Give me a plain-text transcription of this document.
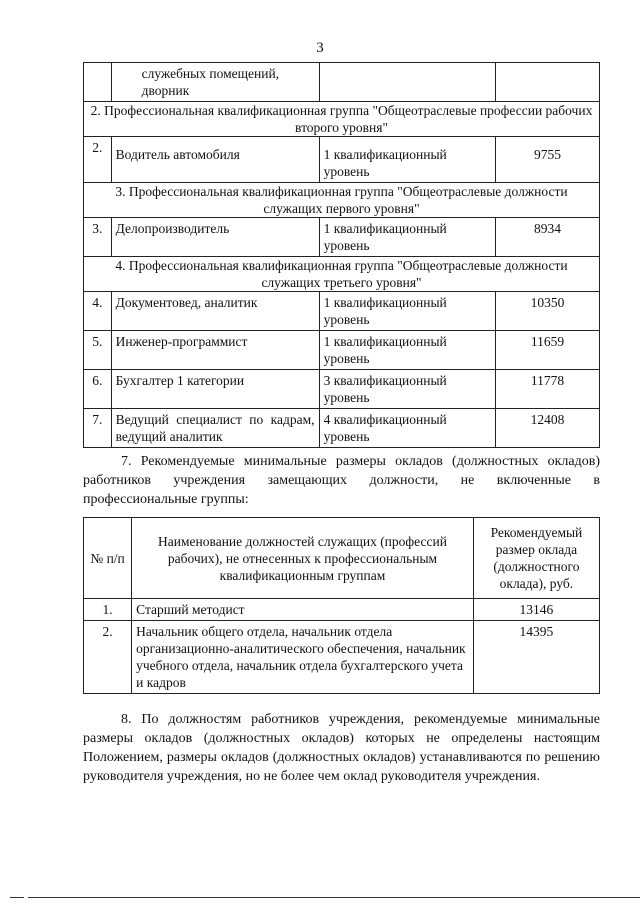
3
	служебных помещений, дворник		
2. Профессиональная квалификационная группа "Общеотраслевые профессии рабочих второго уровня"			
2.	Водитель автомобиля	1 квалификационный уровень	9755
3. Профессиональная квалификационная группа "Общеотраслевые должности служащих первого уровня"			
3.	Делопроизводитель	1 квалификационный уровень	8934
4. Профессиональная квалификационная группа "Общеотраслевые должности служащих третьего уровня"			
4.	Документовед, аналитик	1 квалификационный уровень	10350
5.	Инженер-программист	1 квалификационный уровень	11659
6.	Бухгалтер 1 категории	3 квалификационный уровень	11778
7.	Ведущий специалист по кадрам, ведущий аналитик	4 квалификационный уровень	12408

7. Рекомендуемые минимальные размеры окладов (должностных окладов) работников учреждения замещающих должности, не включенные в профессиональные группы:

№ п/п	Наименование должностей служащих (профессий рабочих), не отнесенных к профессиональным квалификационным группам	Рекомендуемый размер оклада (должностного оклада), руб.
1.	Старший методист	13146
2.	Начальник общего отдела, начальник отдела организационно-аналитического обеспечения, начальник учебного отдела, начальник отдела бухгалтерского учета и кадров	14395

8. По должностям работников учреждения, рекомендуемые минимальные размеры окладов (должностных окладов) которых не определены настоящим Положением, размеры окладов (должностных окладов) устанавливаются по решению руководителя учреждения, но не более чем оклад руководителя учреждения.
